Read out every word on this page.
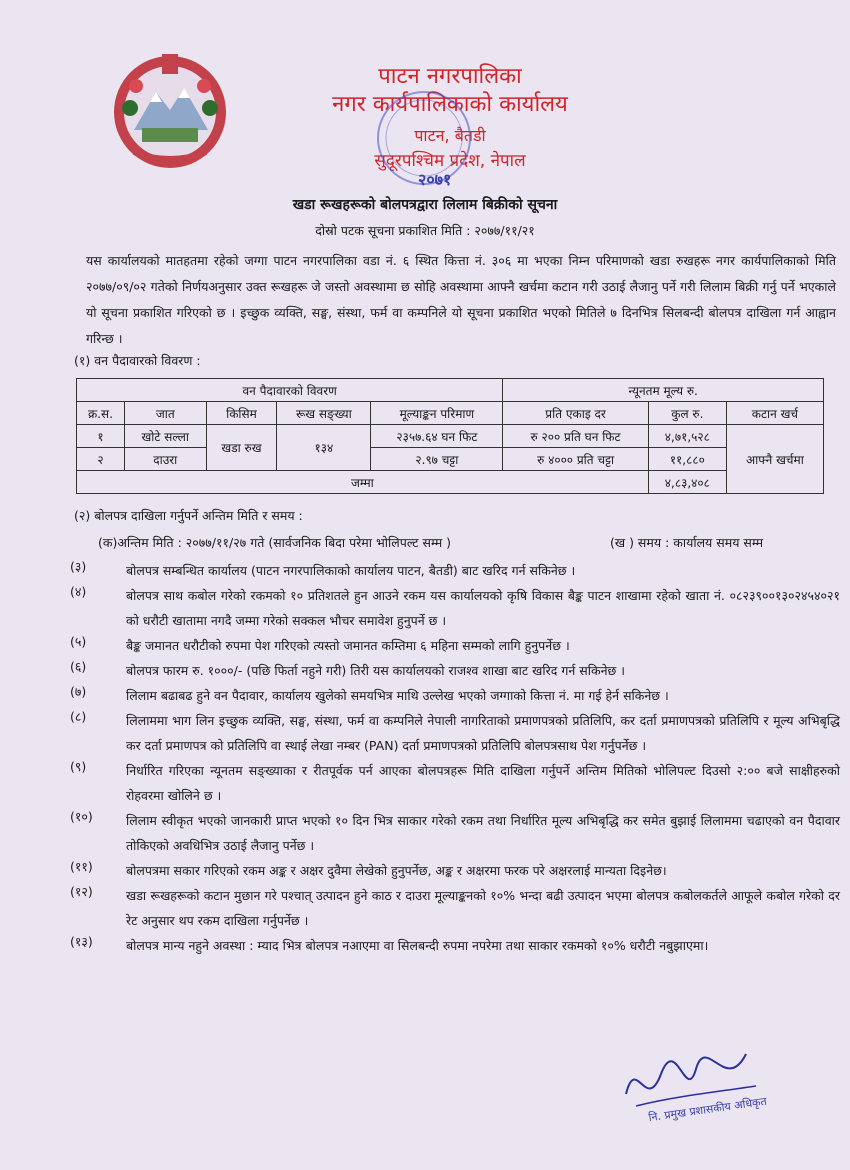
पाटन नगरपालिका
नगर कार्यपालिकाको कार्यालय
पाटन, बैतडी
सुदूरपश्चिम प्रदेश, नेपाल
२०७१
खडा रूखहरूको बोलपत्रद्वारा लिलाम बिक्रीको सूचना
दोस्रो पटक सूचना प्रकाशित मिति : २०७७/११/२१
यस कार्यालयको मातहतमा रहेको जग्गा पाटन नगरपालिका वडा नं. ६ स्थित कित्ता नं. ३०६ मा भएका निम्न परिमाणको खडा रुखहरू नगर कार्यपालिकाको मिति २०७७/०९/०२ गतेको निर्णयअनुसार उक्त रूखहरू जे जस्तो अवस्थामा छ सोहि अवस्थामा आफ्नै खर्चमा कटान गरी उठाई लैजानु पर्ने गरी लिलाम बिक्री गर्नु पर्ने भएकाले यो सूचना प्रकाशित गरिएको छ । इच्छुक व्यक्ति, सङ्घ, संस्था, फर्म वा कम्पनिले यो सूचना प्रकाशित भएको मितिले ७ दिनभित्र सिलबन्दी बोलपत्र दाखिला गर्न आह्वान गरिन्छ ।
(१) वन पैदावारको विवरण :
वन पैदावारको विवरण					न्यूनतम मूल्य रु.		
क्र.स.	जात	किसिम	रूख सङ्ख्या	मूल्याङ्कन परिमाण	प्रति एकाइ दर	कुल रु.	कटान खर्च
१	खोटे सल्ला	खडा रुख	१३४	२३५७.६४ घन फिट	रु २०० प्रति घन फिट	४,७१,५२८	आफ्नै खर्चमा
२	दाउरा			२.९७ चट्टा	रु ४००० प्रति चट्टा	११,८८०	
जम्मा						४,८३,४०८	
(२) बोलपत्र दाखिला गर्नुपर्ने अन्तिम मिति र समय :
(क)अन्तिम मिति : २०७७/११/२७ गते (सार्वजनिक बिदा परेमा भोलिपल्ट सम्म )	(ख ) समय : कार्यालय समय सम्म
(३)	बोलपत्र सम्बन्धित कार्यालय (पाटन नगरपालिकाको कार्यालय पाटन, बैतडी) बाट खरिद गर्न सकिनेछ ।
(४)	बोलपत्र साथ कबोल गरेको रकमको १० प्रतिशतले हुन आउने रकम यस कार्यालयको कृषि विकास बैङ्क पाटन शाखामा रहेको खाता नं. ०८२३९००१३०२४५४०२१ को धरौटी खातामा नगदै जम्मा गरेको सक्कल भौचर समावेश हुनुपर्ने छ ।
(५)	बैङ्क जमानत धरौटीको रुपमा पेश गरिएको त्यस्तो जमानत कम्तिमा ६ महिना सम्मको लागि हुनुपर्नेछ ।
(६)	बोलपत्र फारम रु. १०००/- (पछि फिर्ता नहुने गरी) तिरी यस कार्यालयको राजश्व शाखा बाट खरिद गर्न सकिनेछ ।
(७)	लिलाम बढाबढ हुने वन पैदावार, कार्यालय खुलेको समयभित्र माथि उल्लेख भएको जग्गाको कित्ता नं. मा गई हेर्न सकिनेछ ।
(८)	लिलाममा भाग लिन इच्छुक व्यक्ति, सङ्घ, संस्था, फर्म वा कम्पनिले नेपाली नागरिताको प्रमाणपत्रको प्रतिलिपि, कर दर्ता प्रमाणपत्रको प्रतिलिपि र मूल्य अभिबृद्धि कर दर्ता प्रमाणपत्र को प्रतिलिपि वा स्थाई लेखा नम्बर (PAN) दर्ता प्रमाणपत्रको प्रतिलिपि बोलपत्रसाथ पेश गर्नुपर्नेछ ।
(९)	निर्धारित गरिएका न्यूनतम सङ्ख्याका र रीतपूर्वक पर्न आएका बोलपत्रहरू मिति दाखिला गर्नुपर्ने अन्तिम मितिको भोलिपल्ट दिउसो २:०० बजे साक्षीहरुको रोहवरमा खोलिने छ ।
(१०)	लिलाम स्वीकृत भएको जानकारी प्राप्त भएको १० दिन भित्र साकार गरेको रकम तथा निर्धारित मूल्य अभिबृद्धि कर समेत बुझाई लिलाममा चढाएको वन पैदावार तोकिएको अवधिभित्र उठाई लैजानु पर्नेछ ।
(११)	बोलपत्रमा सकार गरिएको रकम अङ्क र अक्षर दुवैमा लेखेको हुनुपर्नेछ, अङ्क र अक्षरमा फरक परे अक्षरलाई मान्यता दिइनेछ।
(१२)	खडा रूखहरूको कटान मुछान गरे पश्चात् उत्पादन हुने काठ र दाउरा मूल्याङ्कनको १०% भन्दा बढी उत्पादन भएमा बोलपत्र कबोलकर्तले आफूले कबोल गरेको दर रेट अनुसार थप रकम दाखिला गर्नुपर्नेछ ।
(१३)	बोलपत्र मान्य नहुने अवस्था : म्याद भित्र बोलपत्र नआएमा वा सिलबन्दी रुपमा नपरेमा तथा साकार रकमको १०% धरौटी नबुझाएमा।
नि. प्रमुख प्रशासकीय अधिकृत
